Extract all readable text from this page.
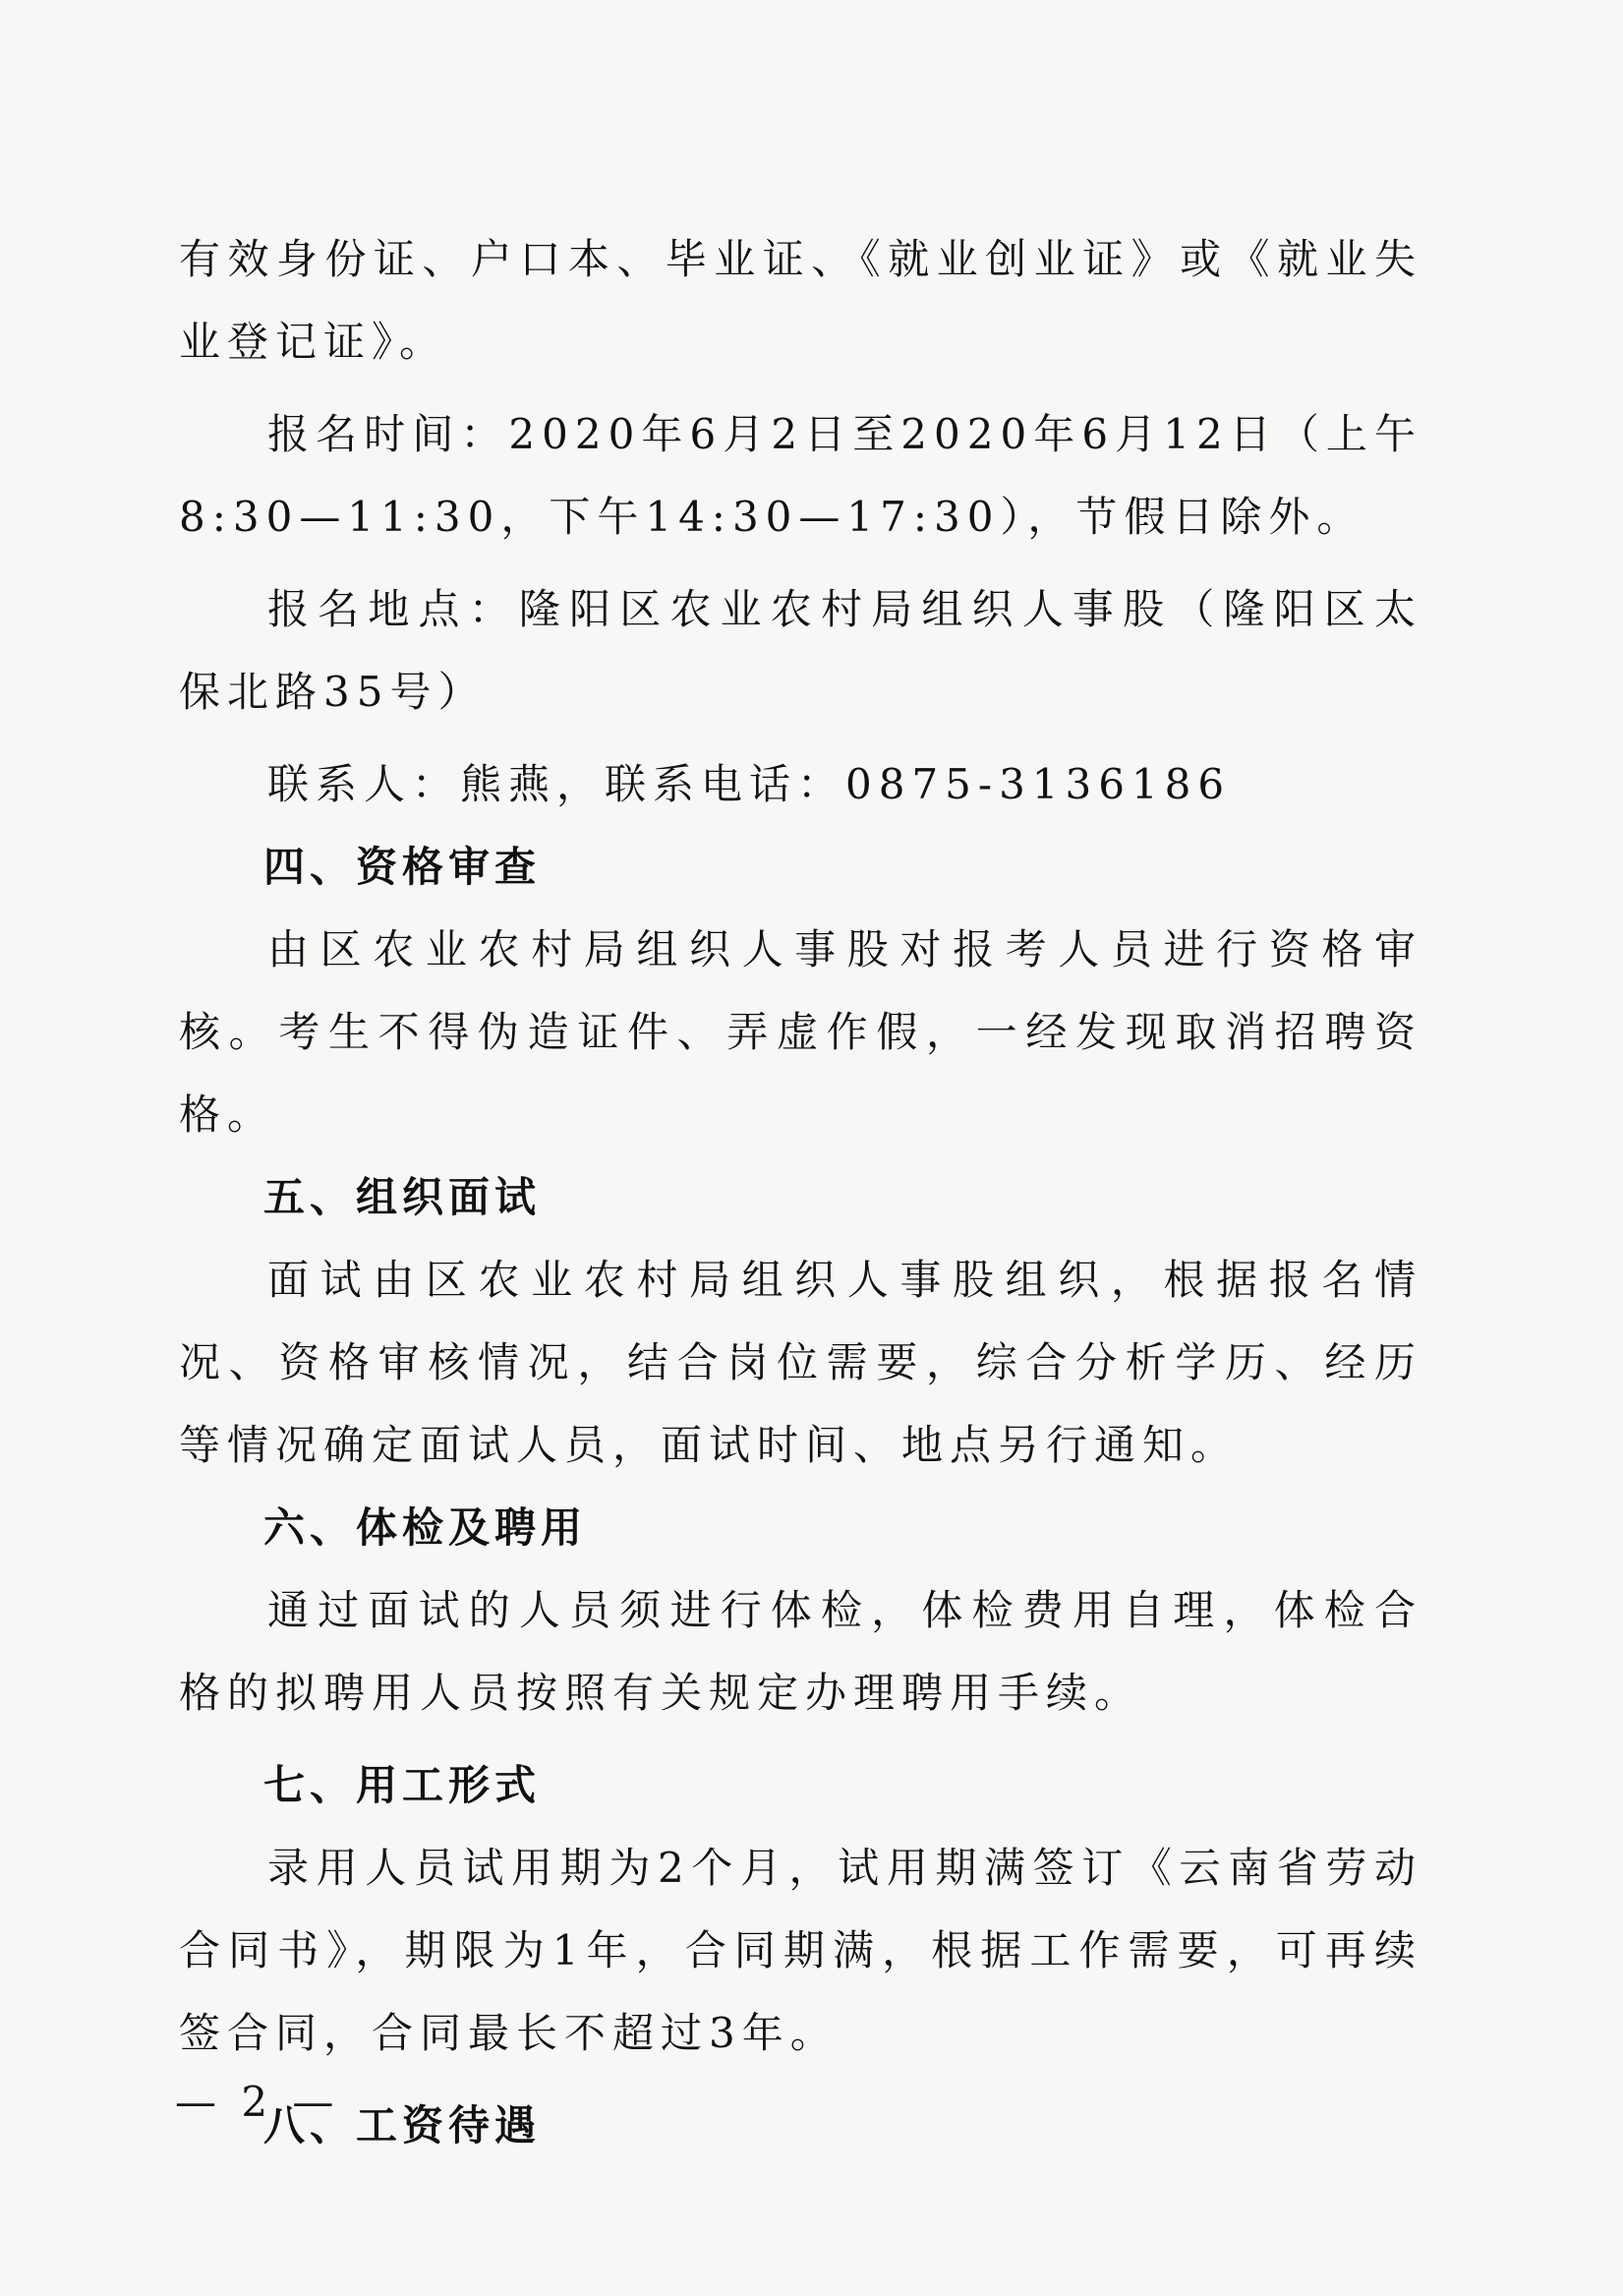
有效身份证、户口本、毕业证、《就业创业证》或《就业失业登记证》。

报名时间：2020年6月2日至2020年6月12日（上午8:30—11:30，下午14:30—17:30），节假日除外。

报名地点：隆阳区农业农村局组织人事股（隆阳区太保北路35号）

联系人：熊燕，联系电话：0875-3136186

四、资格审查

由区农业农村局组织人事股对报考人员进行资格审核。考生不得伪造证件、弄虚作假，一经发现取消招聘资格。

五、组织面试

面试由区农业农村局组织人事股组织，根据报名情况、资格审核情况，结合岗位需要，综合分析学历、经历等情况确定面试人员，面试时间、地点另行通知。

六、体检及聘用

通过面试的人员须进行体检，体检费用自理，体检合格的拟聘用人员按照有关规定办理聘用手续。

七、用工形式

录用人员试用期为2个月，试用期满签订《云南省劳动合同书》，期限为1年，合同期满，根据工作需要，可再续签合同，合同最长不超过3年。

八、工资待遇

— 2 —
